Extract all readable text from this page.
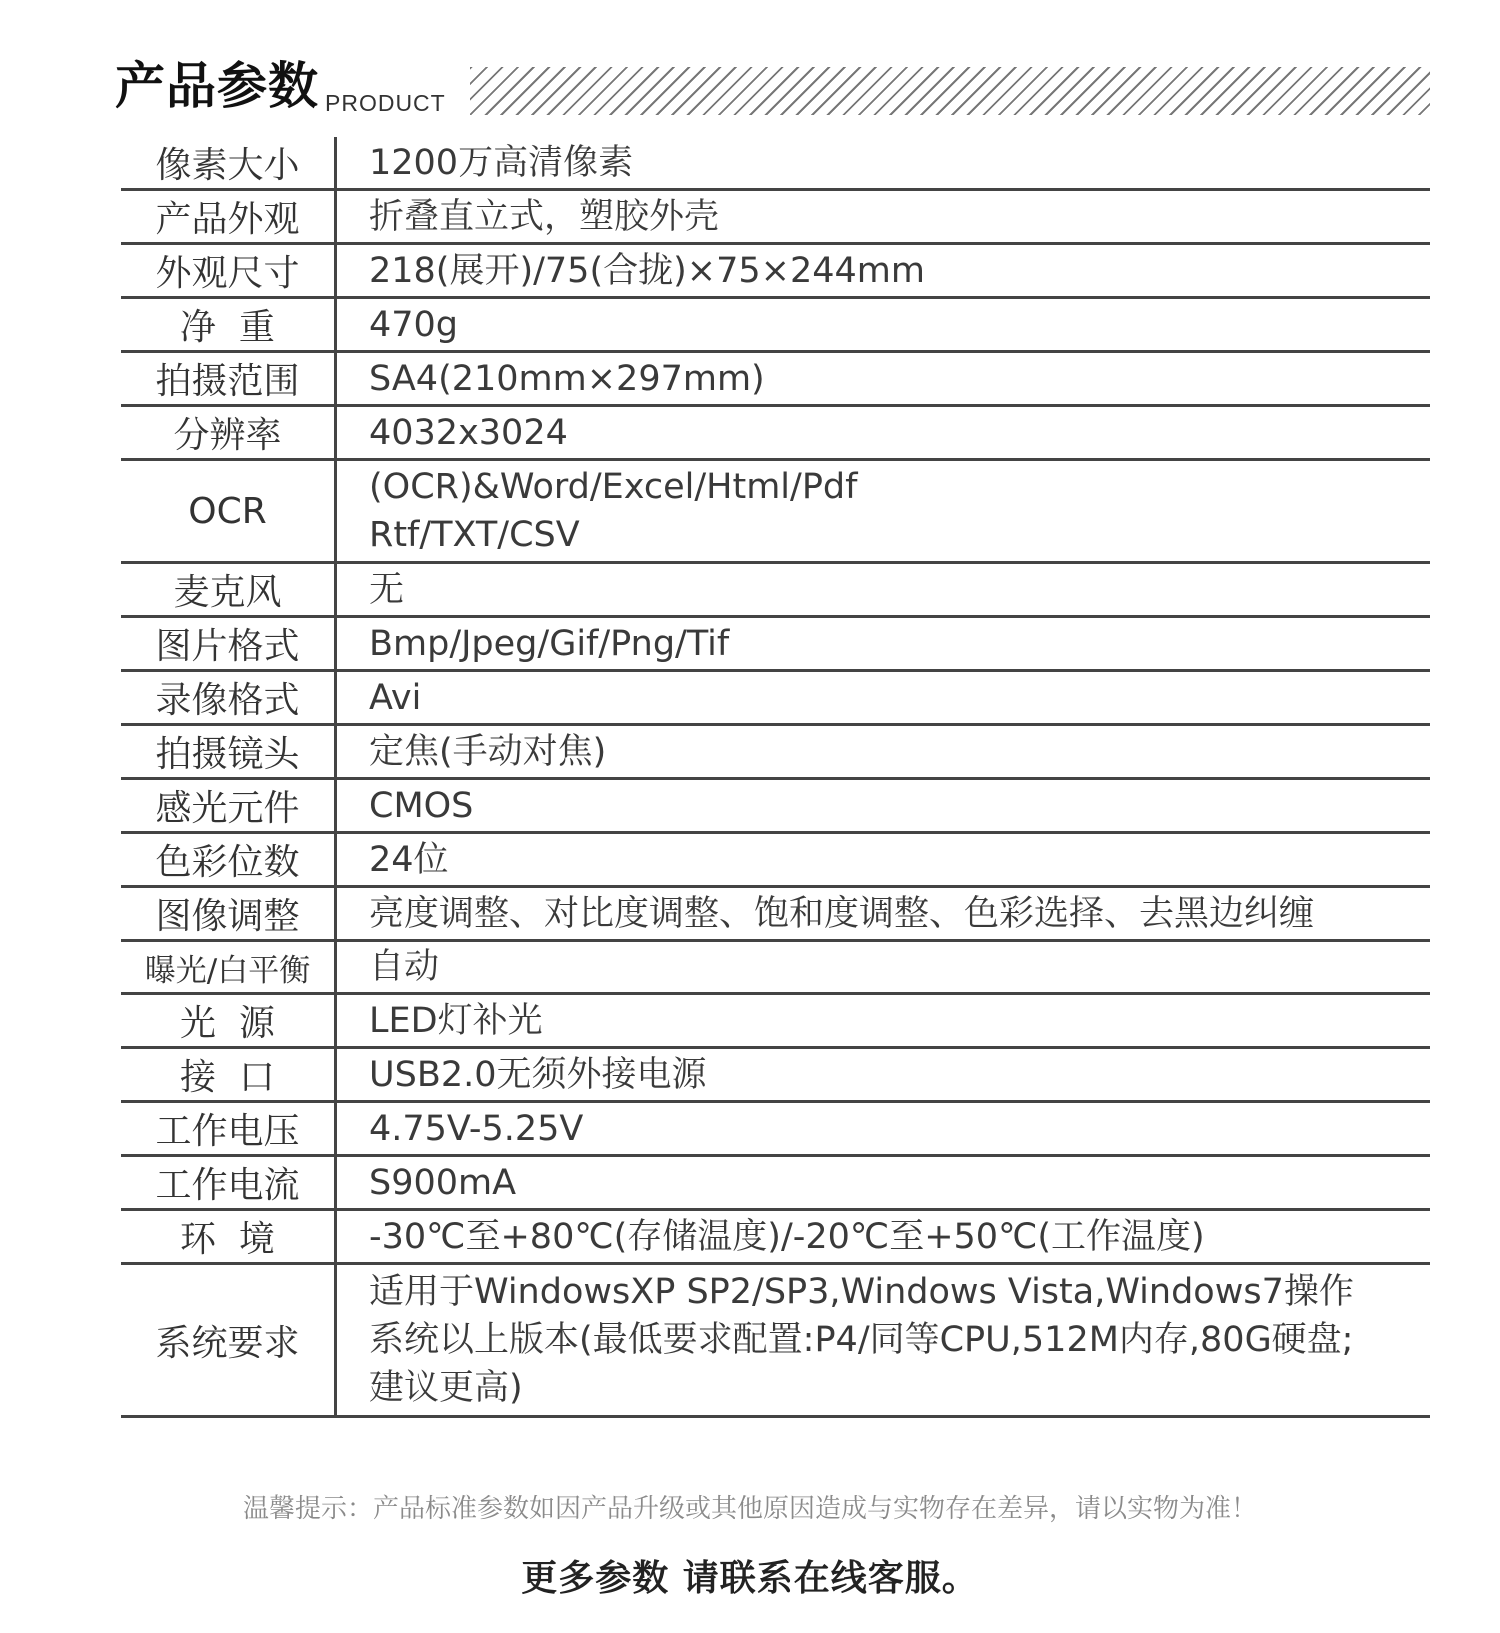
产品参数 PRODUCT
像素大小	1200万高清像素

产品外观	折叠直立式，塑胶外壳

外观尺寸	218(展开)/75(合拢)×75×244mm

净  重	470g

拍摄范围	SA4(210mm×297mm)

分辨率	4032x3024

OCR	(OCR)&Word/Excel/Html/Pdf
Rtf/TXT/CSV

麦克风	无

图片格式	Bmp/Jpeg/Gif/Png/Tif

录像格式	Avi

拍摄镜头	定焦(手动对焦)

感光元件	CMOS

色彩位数	24位

图像调整	亮度调整、对比度调整、饱和度调整、色彩选择、去黑边纠缠

曝光/白平衡	自动

光  源	LED灯补光

接  口	USB2.0无须外接电源

工作电压	4.75V-5.25V

工作电流	S900mA

环  境	-30℃至+80℃(存储温度)/-20℃至+50℃(工作温度)

系统要求	适用于WindowsXP SP2/SP3,Windows Vista,Windows7操作
系统以上版本(最低要求配置:P4/同等CPU,512M内存,80G硬盘;
建议更高)
温馨提示：产品标准参数如因产品升级或其他原因造成与实物存在差异，请以实物为准！
更多参数 请联系在线客服。
